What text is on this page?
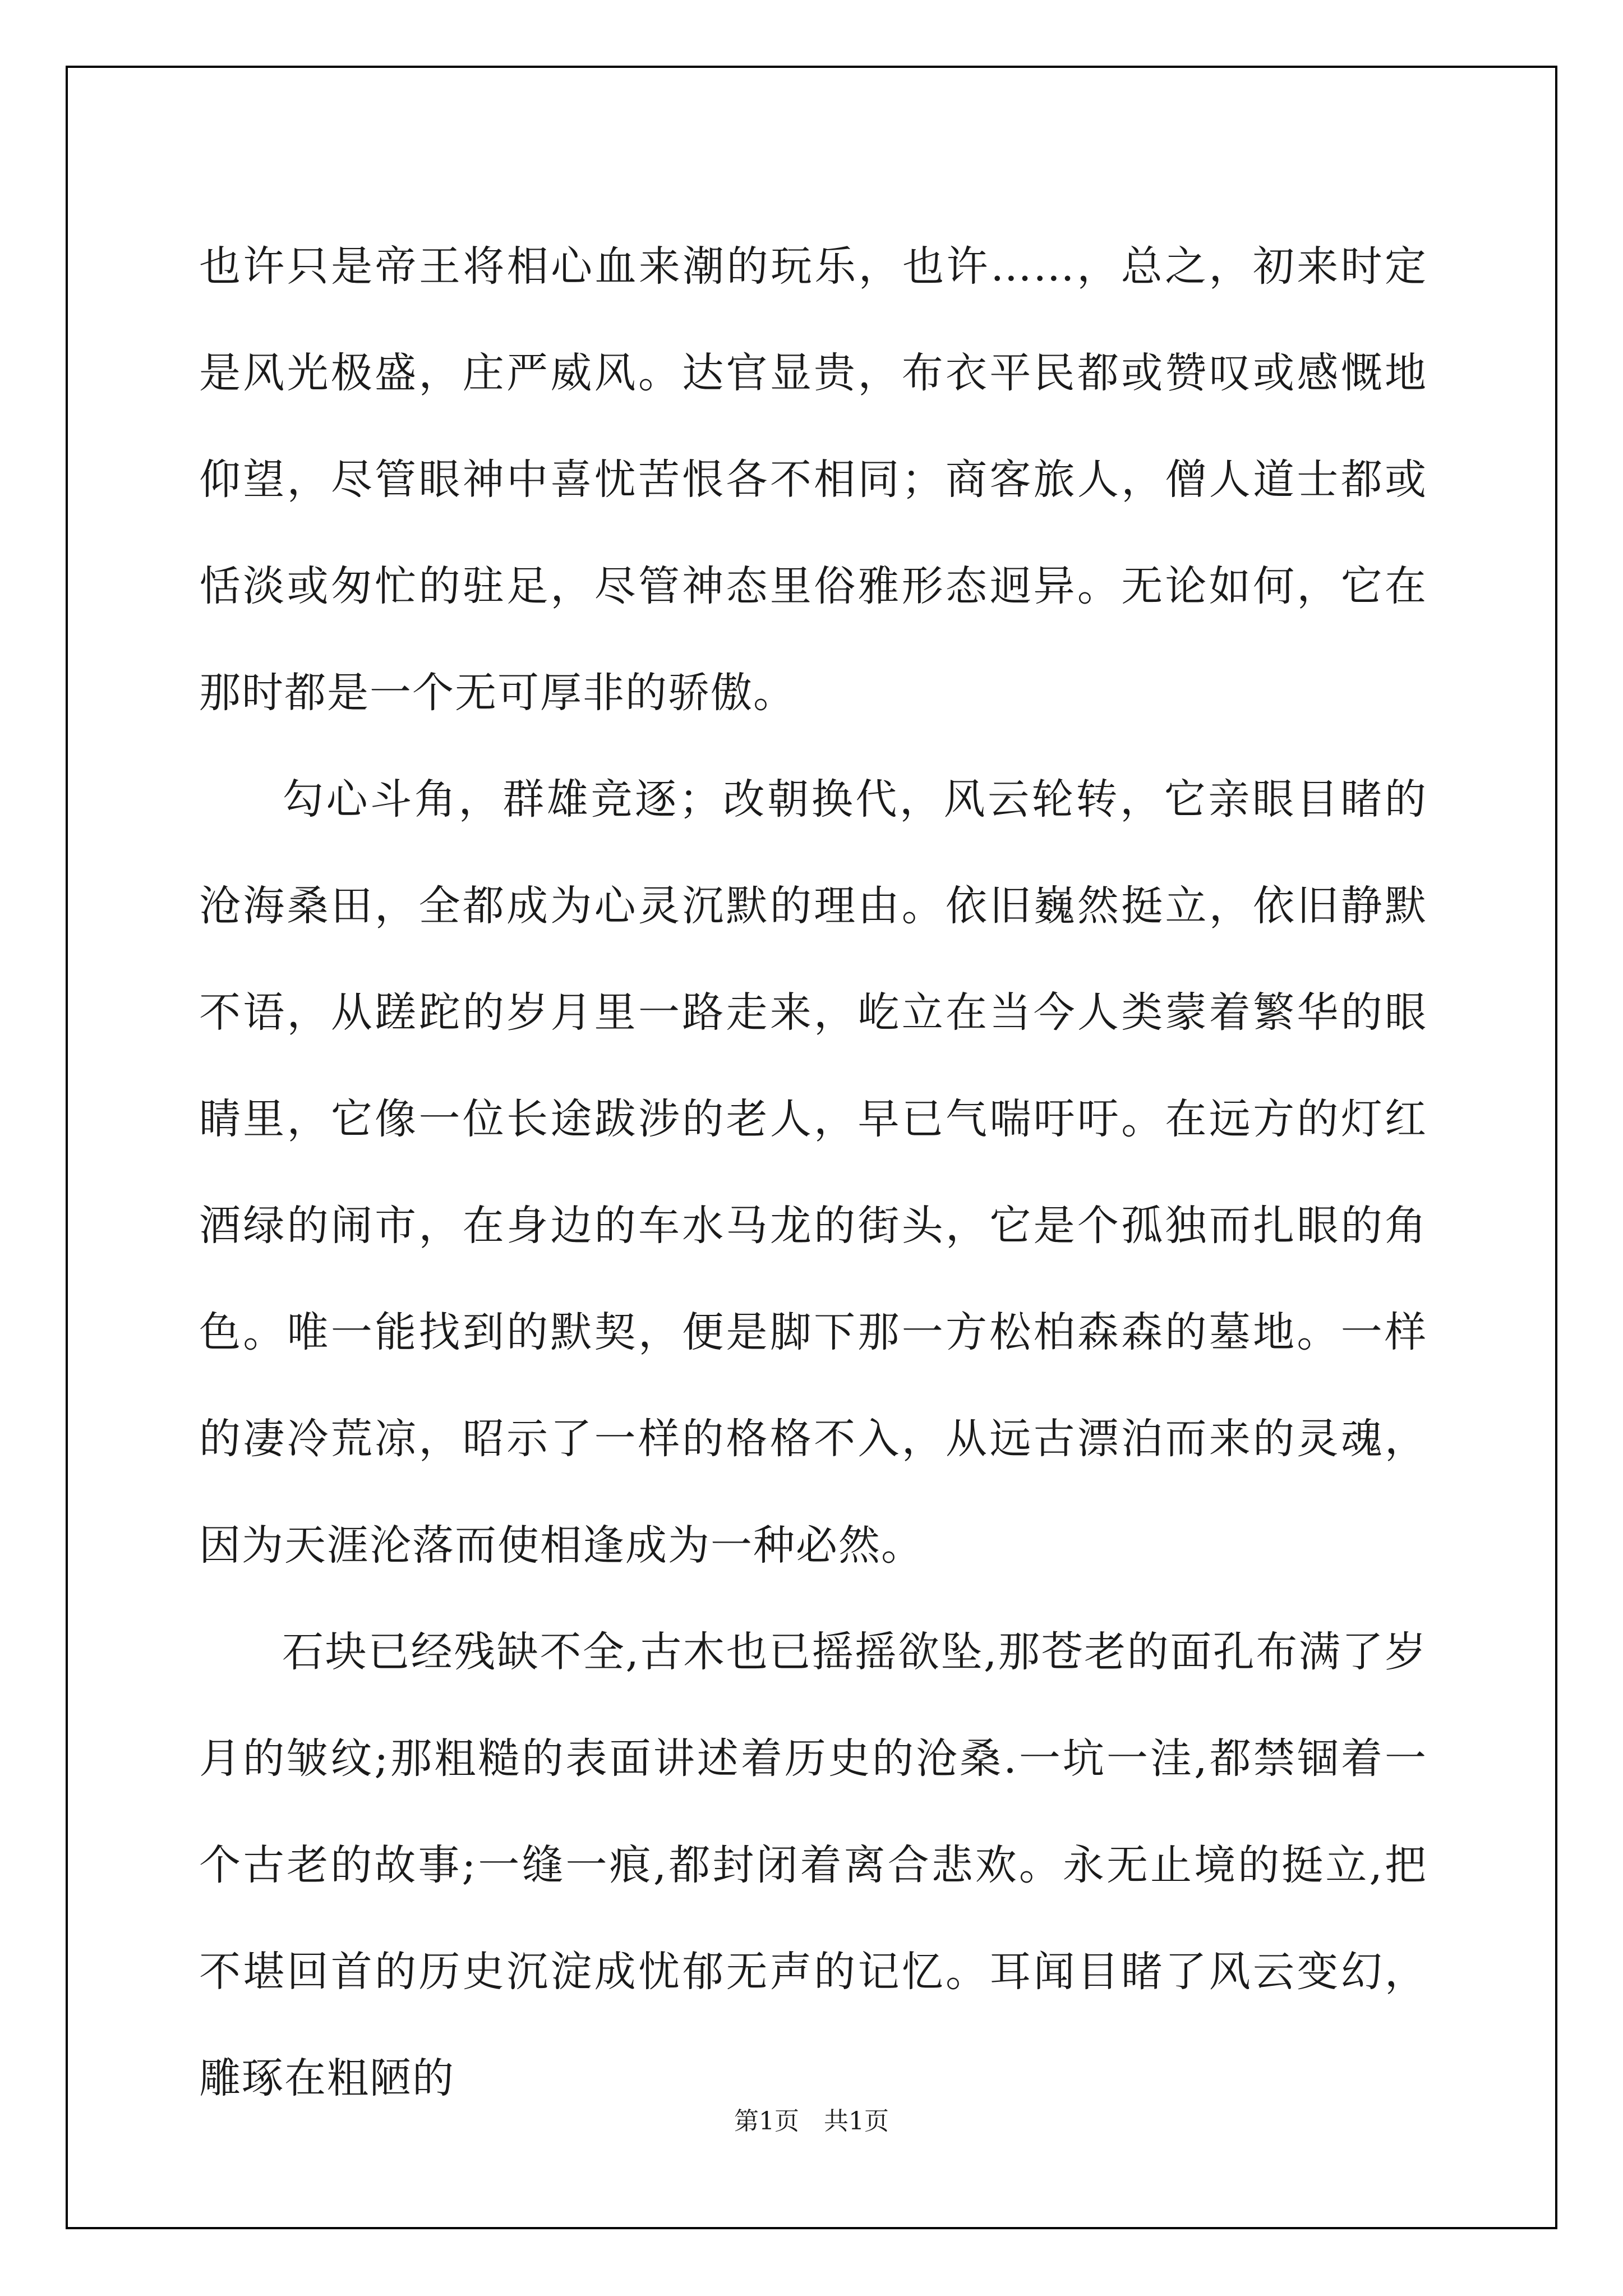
也许只是帝王将相心血来潮的玩乐，也许……，总之，初来时定是风光极盛，庄严威风。达官显贵，布衣平民都或赞叹或感慨地仰望，尽管眼神中喜忧苦恨各不相同；商客旅人，僧人道士都或恬淡或匆忙的驻足，尽管神态里俗雅形态迥异。无论如何，它在那时都是一个无可厚非的骄傲。

勾心斗角，群雄竞逐；改朝换代，风云轮转，它亲眼目睹的沧海桑田，全都成为心灵沉默的理由。依旧巍然挺立，依旧静默不语，从蹉跎的岁月里一路走来，屹立在当今人类蒙着繁华的眼睛里，它像一位长途跋涉的老人，早已气喘吁吁。在远方的灯红酒绿的闹市，在身边的车水马龙的街头，它是个孤独而扎眼的角色。唯一能找到的默契，便是脚下那一方松柏森森的墓地。一样的凄冷荒凉，昭示了一样的格格不入，从远古漂泊而来的灵魂，因为天涯沦落而使相逢成为一种必然。

石块已经残缺不全,古木也已摇摇欲坠,那苍老的面孔布满了岁月的皱纹;那粗糙的表面讲述着历史的沧桑.一坑一洼,都禁锢着一个古老的故事;一缝一痕,都封闭着离合悲欢。永无止境的挺立,把不堪回首的历史沉淀成忧郁无声的记忆。耳闻目睹了风云变幻，雕琢在粗陋的

第1页　共1页
